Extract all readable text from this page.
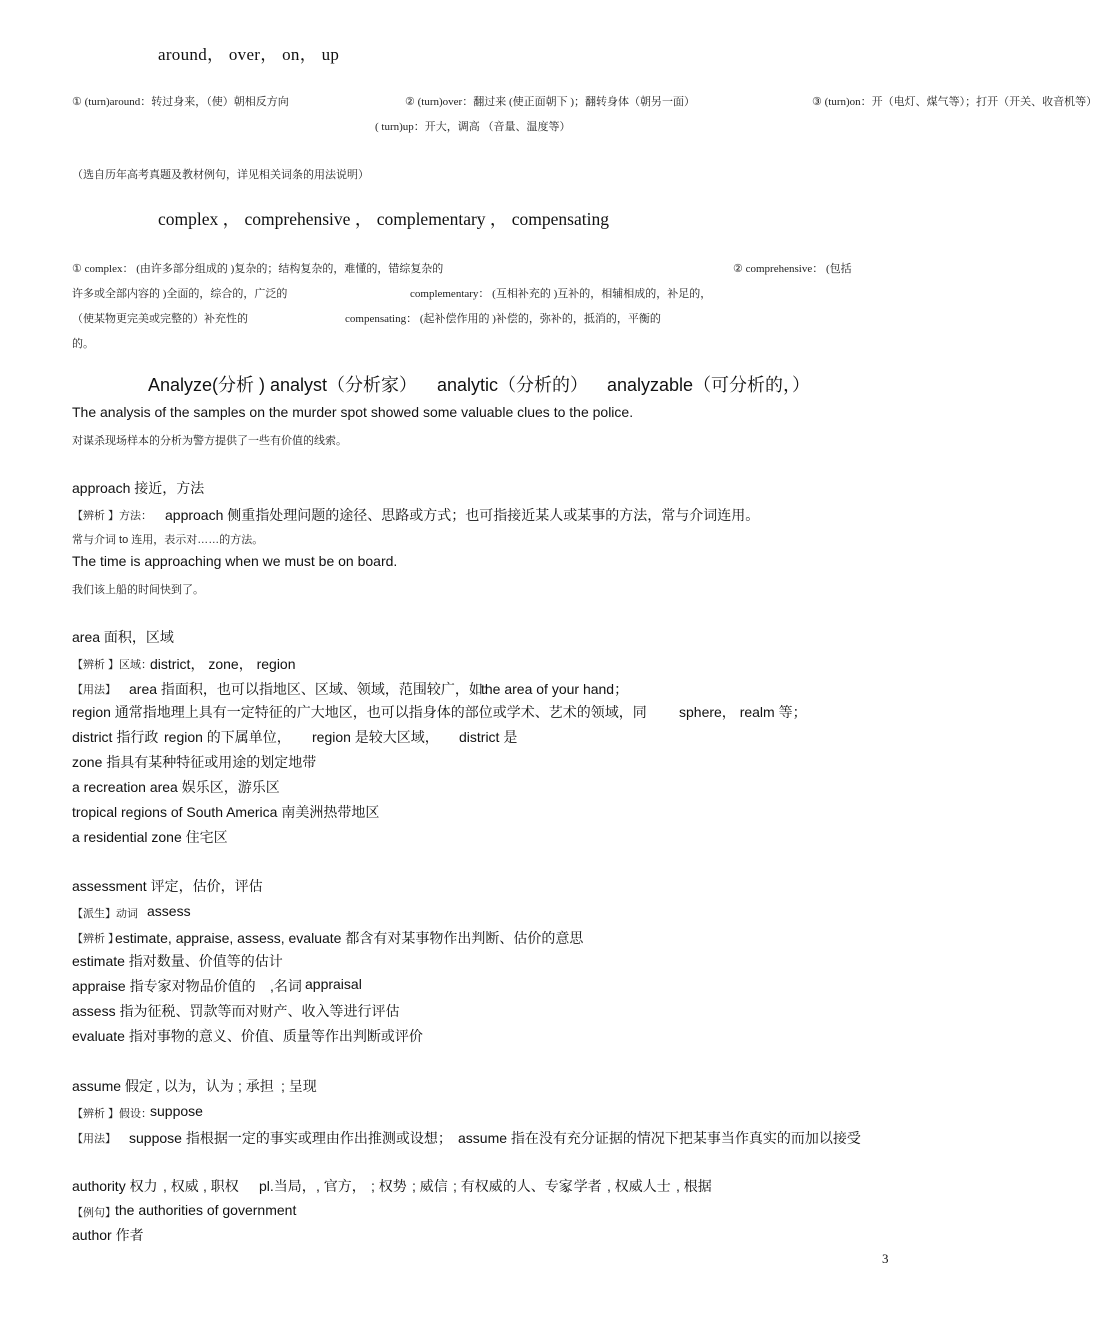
around， over， on， up
① (turn)around：转过身来，（使）朝相反方向	② (turn)over：翻过来 (使正面朝下 )；翻转身体（朝另一面）	③ (turn)on：开（电灯、煤气等）；打开（开关、收音机等）
( turn)up：开大，调高 （音量、温度等）
（选自历年高考真题及教材例句，详见相关词条的用法说明）
complex ， comprehensive ， complementary ， compensating
① complex： (由许多部分组成的 )复杂的；结构复杂的，难懂的，错综复杂的	② comprehensive： (包括
许多或全部内容的 )全面的，综合的，广泛的	complementary： (互相补充的 )互补的，相辅相成的，补足的，
（使某物更完美或完整的）补充性的	compensating： (起补偿作用的 )补偿的，弥补的，抵消的，平衡的
的。
Analyze(分析 ) analyst（分析家） analytic（分析的） analyzable（可分析的，）
The analysis of the samples on the murder spot showed some valuable clues to the police.
对谋杀现场样本的分析为警方提供了一些有价值的线索。
approach 接近，方法
【辨析 】方法： approach 侧重指处理问题的途径、思路或方式；也可指接近某人或某事的方法，常与介词连用。
常与介词 to 连用，表示对……的方法。
The time is approaching when we must be on board.
我们该上船的时间快到了。
area 面积，区域
【辨析 】区域：
district， zone， region
【用法】 area 指面积，也可以指地区、区域、领域，范围较广，如：
the area of your hand；
region 通常指地理上具有一定特征的广大地区，也可以指身体的部位或学术、艺术的领域，同 sphere， realm 等；
district 指行政 region 的下属单位， region 是较大区域， district 是
zone 指具有某种特征或用途的划定地带
a recreation area 娱乐区，游乐区
tropical regions of South America 南美洲热带地区
a residential zone 住宅区
assessment 评定，估价，评估
【派生】动词 assess
【辨析 】
estimate, appraise, assess, evaluate 都含有对某事物作出判断、估价的意思
estimate 指对数量、价值等的估计
appraise 指专家对物品价值的 ,名词 appraisal
assess 指为征税、罚款等而对财产、收入等进行评估
evaluate 指对事物的意义、价值、质量等作出判断或评价
assume 假定 , 以为，认为 ; 承担 ; 呈现
【辨析 】假设：
suppose
【用法】 suppose 指根据一定的事实或理由作出推测或设想； assume 指在没有充分证据的情况下把某事当作真实的而加以接受
authority 权力 , 权威 , 职权 pl.当局， , 官方， ; 权势 ; 威信 ; 有权威的人、专家
, 学者 , 权威人士 , 根据
【例句】 the authorities of government
author 作者
3
